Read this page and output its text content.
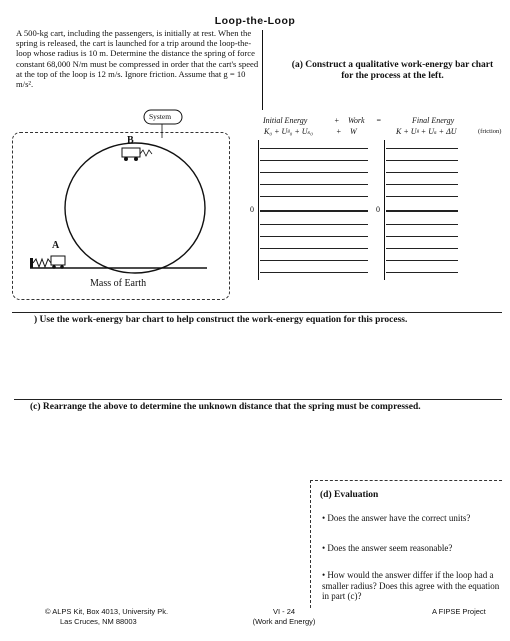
Loop-the-Loop
A 500-kg cart, including the passengers, is initially at rest. When the spring is released, the cart is launched for a trip around the loop-the-loop whose radius is 10 m. Determine the distance the spring of force constant 68,000 N/m must be compressed in order that the cart's speed at the top of the loop is 12 m/s. Ignore friction. Assume that g = 10 m/s².
(a) Construct a qualitative work-energy bar chart for the process at the left.
System
B
A
Mass of Earth
Initial Energy	+ Work =	Final Energy
K₀ + Uᵍ₀ + Uₛ₀	+ W	K + Uᵍ + Uₛ + ΔU	(friction)
0	0
) Use the work-energy bar chart to help construct the work-energy equation for this process.
(c) Rearrange the above to determine the unknown distance that the spring must be compressed.
(d) Evaluation
• Does the answer have the correct units?
• Does the answer seem reasonable?
• How would the answer differ if the loop had a smaller radius? Does this agree with the equation in part (c)?
© ALPS Kit, Box 4013, University Pk.
Las Cruces, NM 88003
VI - 24
(Work and Energy)
A FIPSE Project
